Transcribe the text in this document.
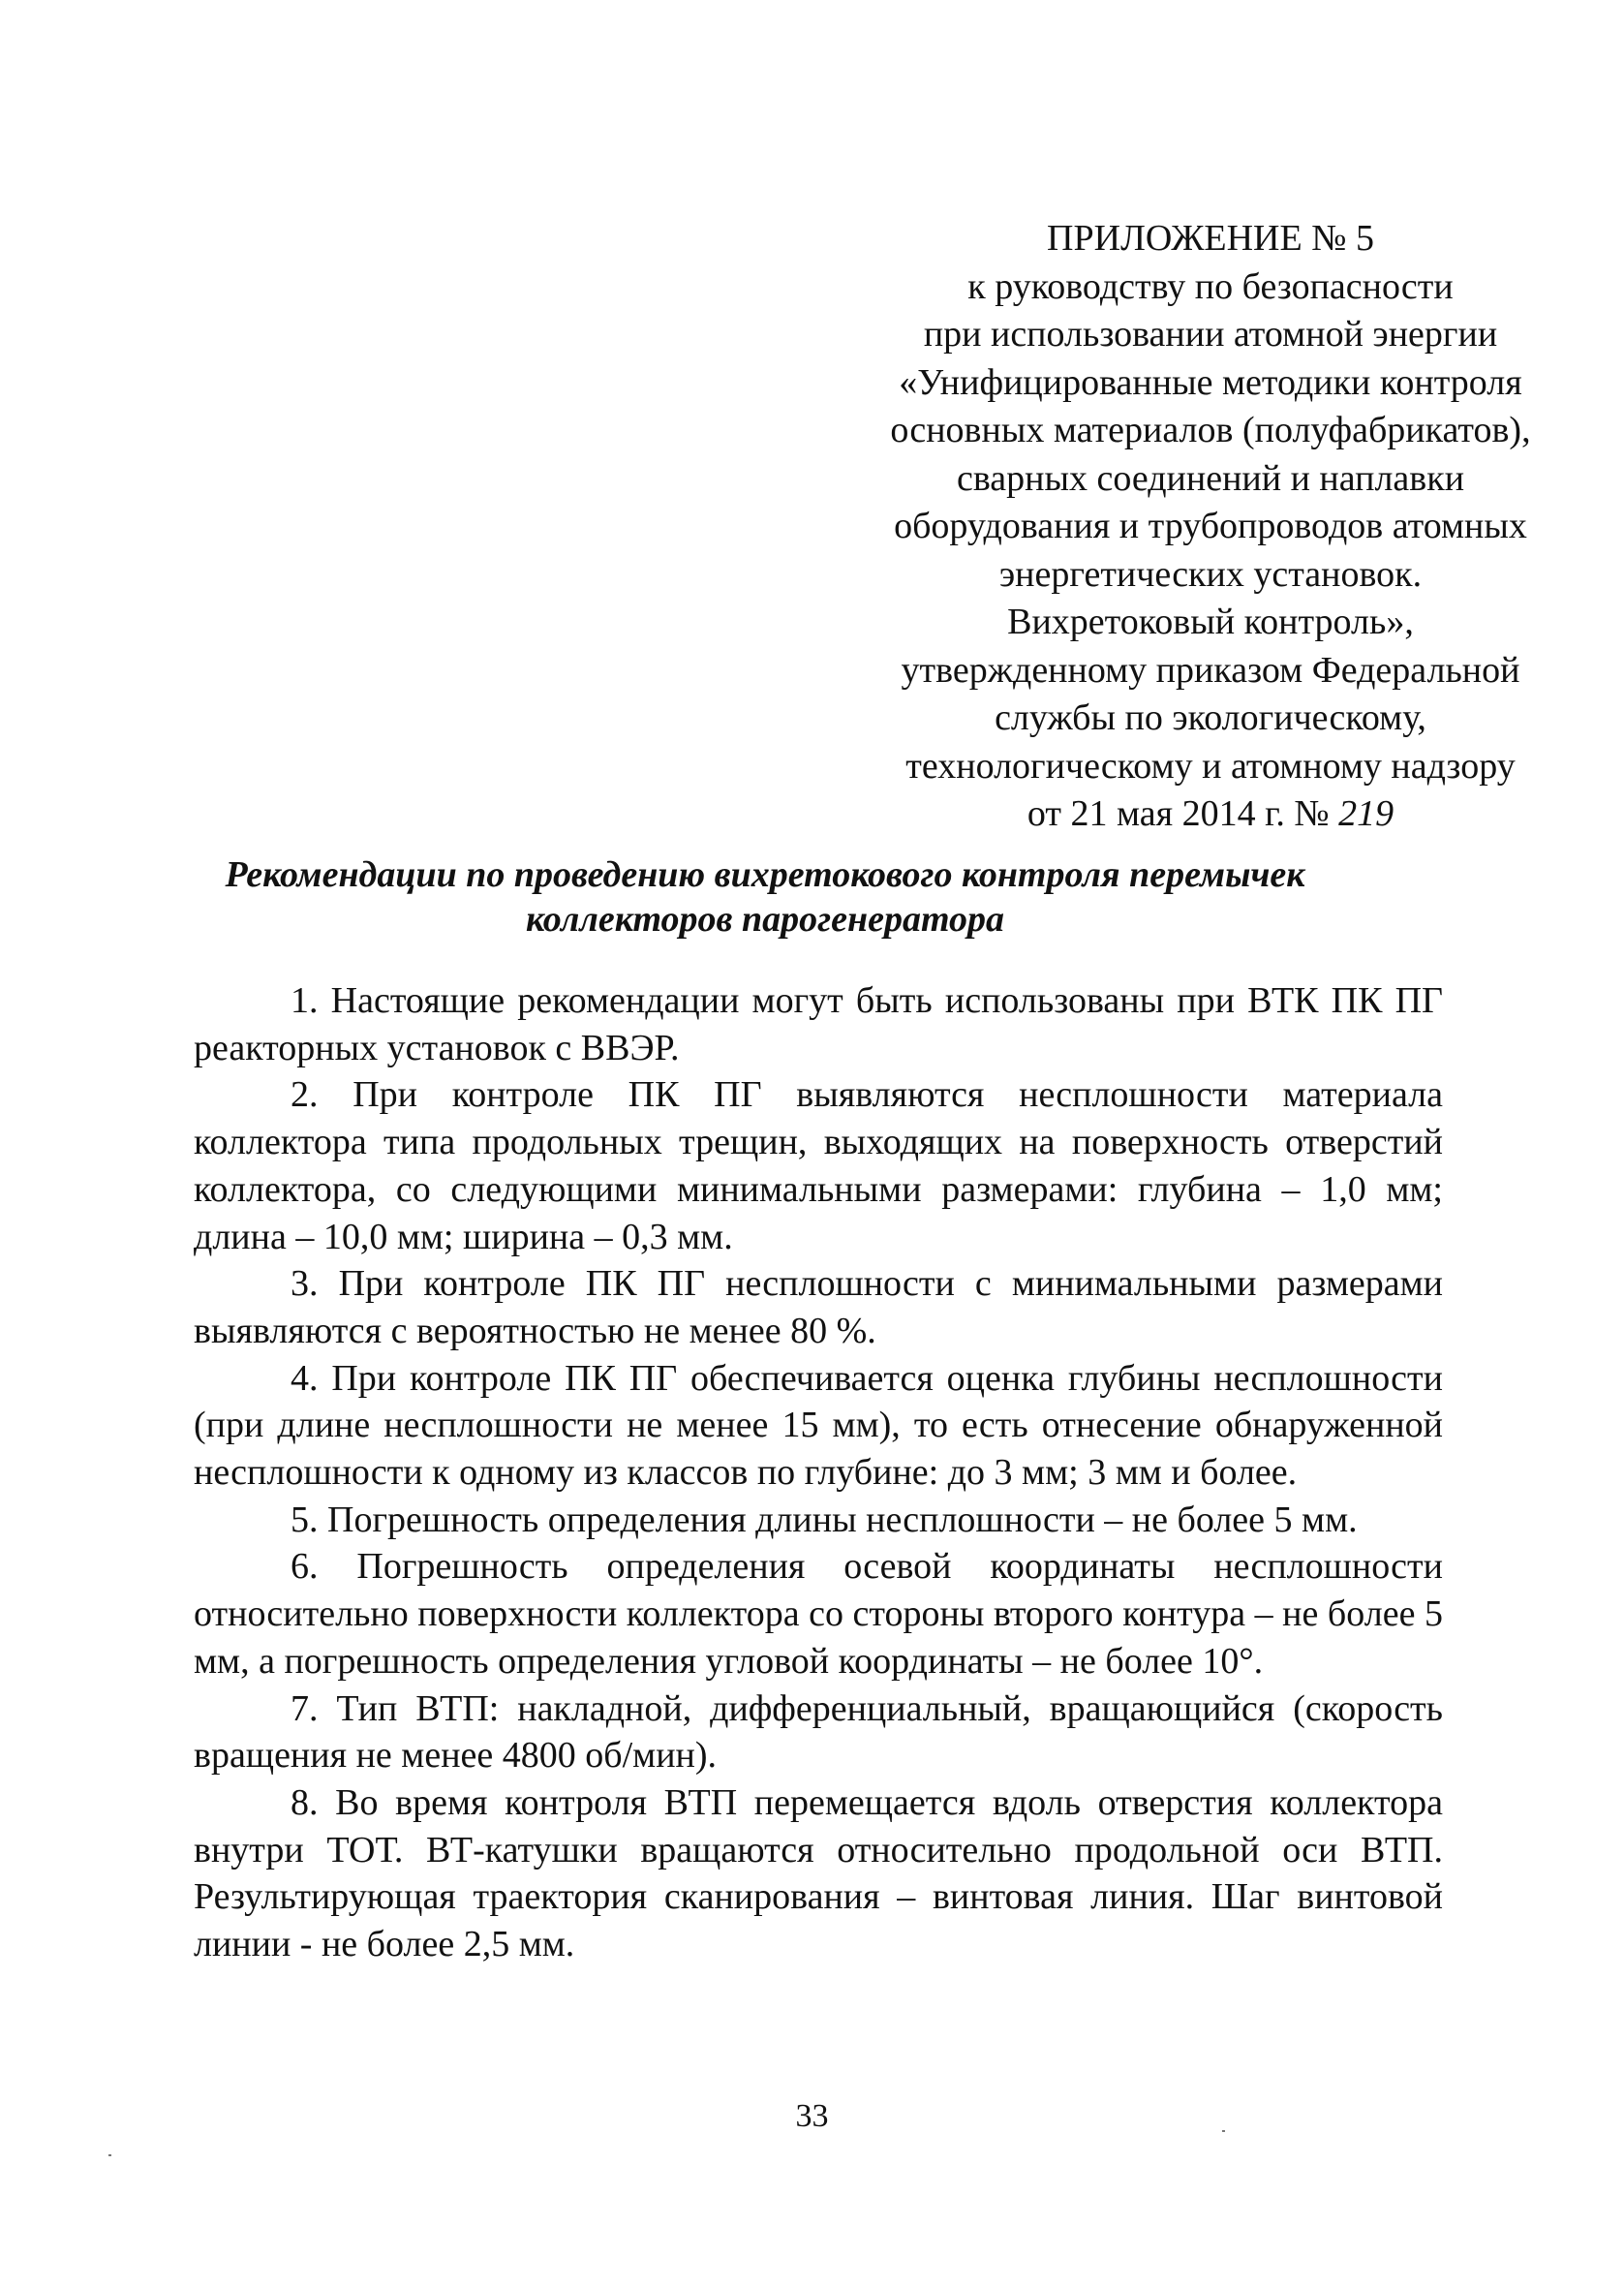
ПРИЛОЖЕНИЕ № 5
к руководству по безопасности
при использовании атомной энергии
«Унифицированные методики контроля
основных материалов (полуфабрикатов),
сварных соединений и наплавки
оборудования и трубопроводов атомных
энергетических установок.
Вихретоковый контроль»,
утвержденному приказом Федеральной
службы по экологическому,
технологическому и атомному надзору
от 21 мая 2014 г. № 219
Рекомендации по проведению вихретокового контроля перемычек
коллекторов парогенератора

1. Настоящие рекомендации могут быть использованы при ВТК ПК ПГ реакторных установок с ВВЭР.

2. При контроле ПК ПГ выявляются несплошности материала коллектора типа продольных трещин, выходящих на поверхность отверстий коллектора, со следующими минимальными размерами: глубина – 1,0 мм; длина – 10,0 мм; ширина – 0,3 мм.

3. При контроле ПК ПГ несплошности с минимальными размерами выявляются с вероятностью не менее 80 %.

4. При контроле ПК ПГ обеспечивается оценка глубины несплошности (при длине несплошности не менее 15 мм), то есть отнесение обнаруженной несплошности к одному из классов по глубине: до 3 мм; 3 мм и более.

5. Погрешность определения длины несплошности – не более 5 мм.

6. Погрешность определения осевой координаты несплошности относительно поверхности коллектора со стороны второго контура – не более 5 мм, а погрешность определения угловой координаты – не более 10°.

7. Тип ВТП: накладной, дифференциальный, вращающийся (скорость вращения не менее 4800 об/мин).

8. Во время контроля ВТП перемещается вдоль отверстия коллектора внутри ТОТ. ВТ-катушки вращаются относительно продольной оси ВТП. Результирующая траектория сканирования – винтовая линия. Шаг винтовой линии - не более 2,5 мм.

33
